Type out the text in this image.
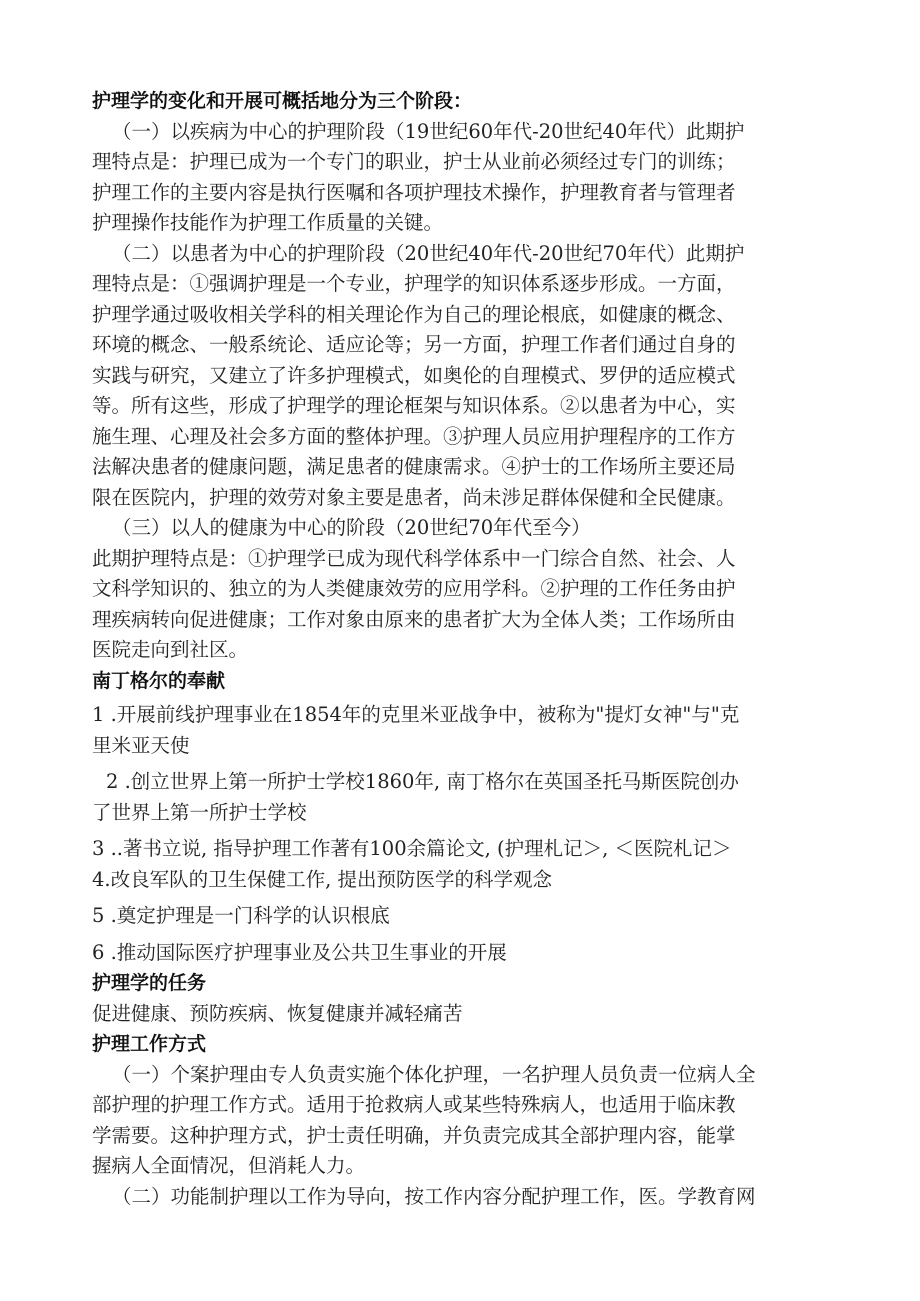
护理学的变化和开展可概括地分为三个阶段：
（一）以疾病为中心的护理阶段（19世纪60年代-20世纪40年代）此期护
理特点是：护理已成为一个专门的职业，护士从业前必须经过专门的训练；
护理工作的主要内容是执行医嘱和各项护理技术操作，护理教育者与管理者
护理操作技能作为护理工作质量的关键。
（二）以患者为中心的护理阶段（20世纪40年代-20世纪70年代）此期护
理特点是：①强调护理是一个专业，护理学的知识体系逐步形成。一方面，
护理学通过吸收相关学科的相关理论作为自己的理论根底，如健康的概念、
环境的概念、一般系统论、适应论等；另一方面，护理工作者们通过自身的
实践与研究，又建立了许多护理模式，如奥伦的自理模式、罗伊的适应模式
等。所有这些，形成了护理学的理论框架与知识体系。②以患者为中心，实
施生理、心理及社会多方面的整体护理。③护理人员应用护理程序的工作方
法解决患者的健康问题，满足患者的健康需求。④护士的工作场所主要还局
限在医院内，护理的效劳对象主要是患者，尚未涉足群体保健和全民健康。
（三）以人的健康为中心的阶段（20世纪70年代至今）
此期护理特点是：①护理学已成为现代科学体系中一门综合自然、社会、人
文科学知识的、独立的为人类健康效劳的应用学科。②护理的工作任务由护
理疾病转向促进健康；工作对象由原来的患者扩大为全体人类；工作场所由
医院走向到社区。
南丁格尔的奉献
1 .开展前线护理事业在1854年的克里米亚战争中，被称为"提灯女神"与"克
里米亚天使
2 .创立世界上第一所护士学校1860年, 南丁格尔在英国圣托马斯医院创办
了世界上第一所护士学校
3 ..著书立说, 指导护理工作著有100余篇论文, (护理札记＞, ＜医院札记＞
4.改良军队的卫生保健工作, 提出预防医学的科学观念
5 .奠定护理是一门科学的认识根底
6 .推动国际医疗护理事业及公共卫生事业的开展
护理学的任务
促进健康、预防疾病、恢复健康并减轻痛苦
护理工作方式
（一）个案护理由专人负责实施个体化护理，一名护理人员负责一位病人全
部护理的护理工作方式。适用于抢救病人或某些特殊病人，也适用于临床教
学需要。这种护理方式，护士责任明确，并负责完成其全部护理内容，能掌
握病人全面情况，但消耗人力。
（二）功能制护理以工作为导向，按工作内容分配护理工作，医。学教育网
